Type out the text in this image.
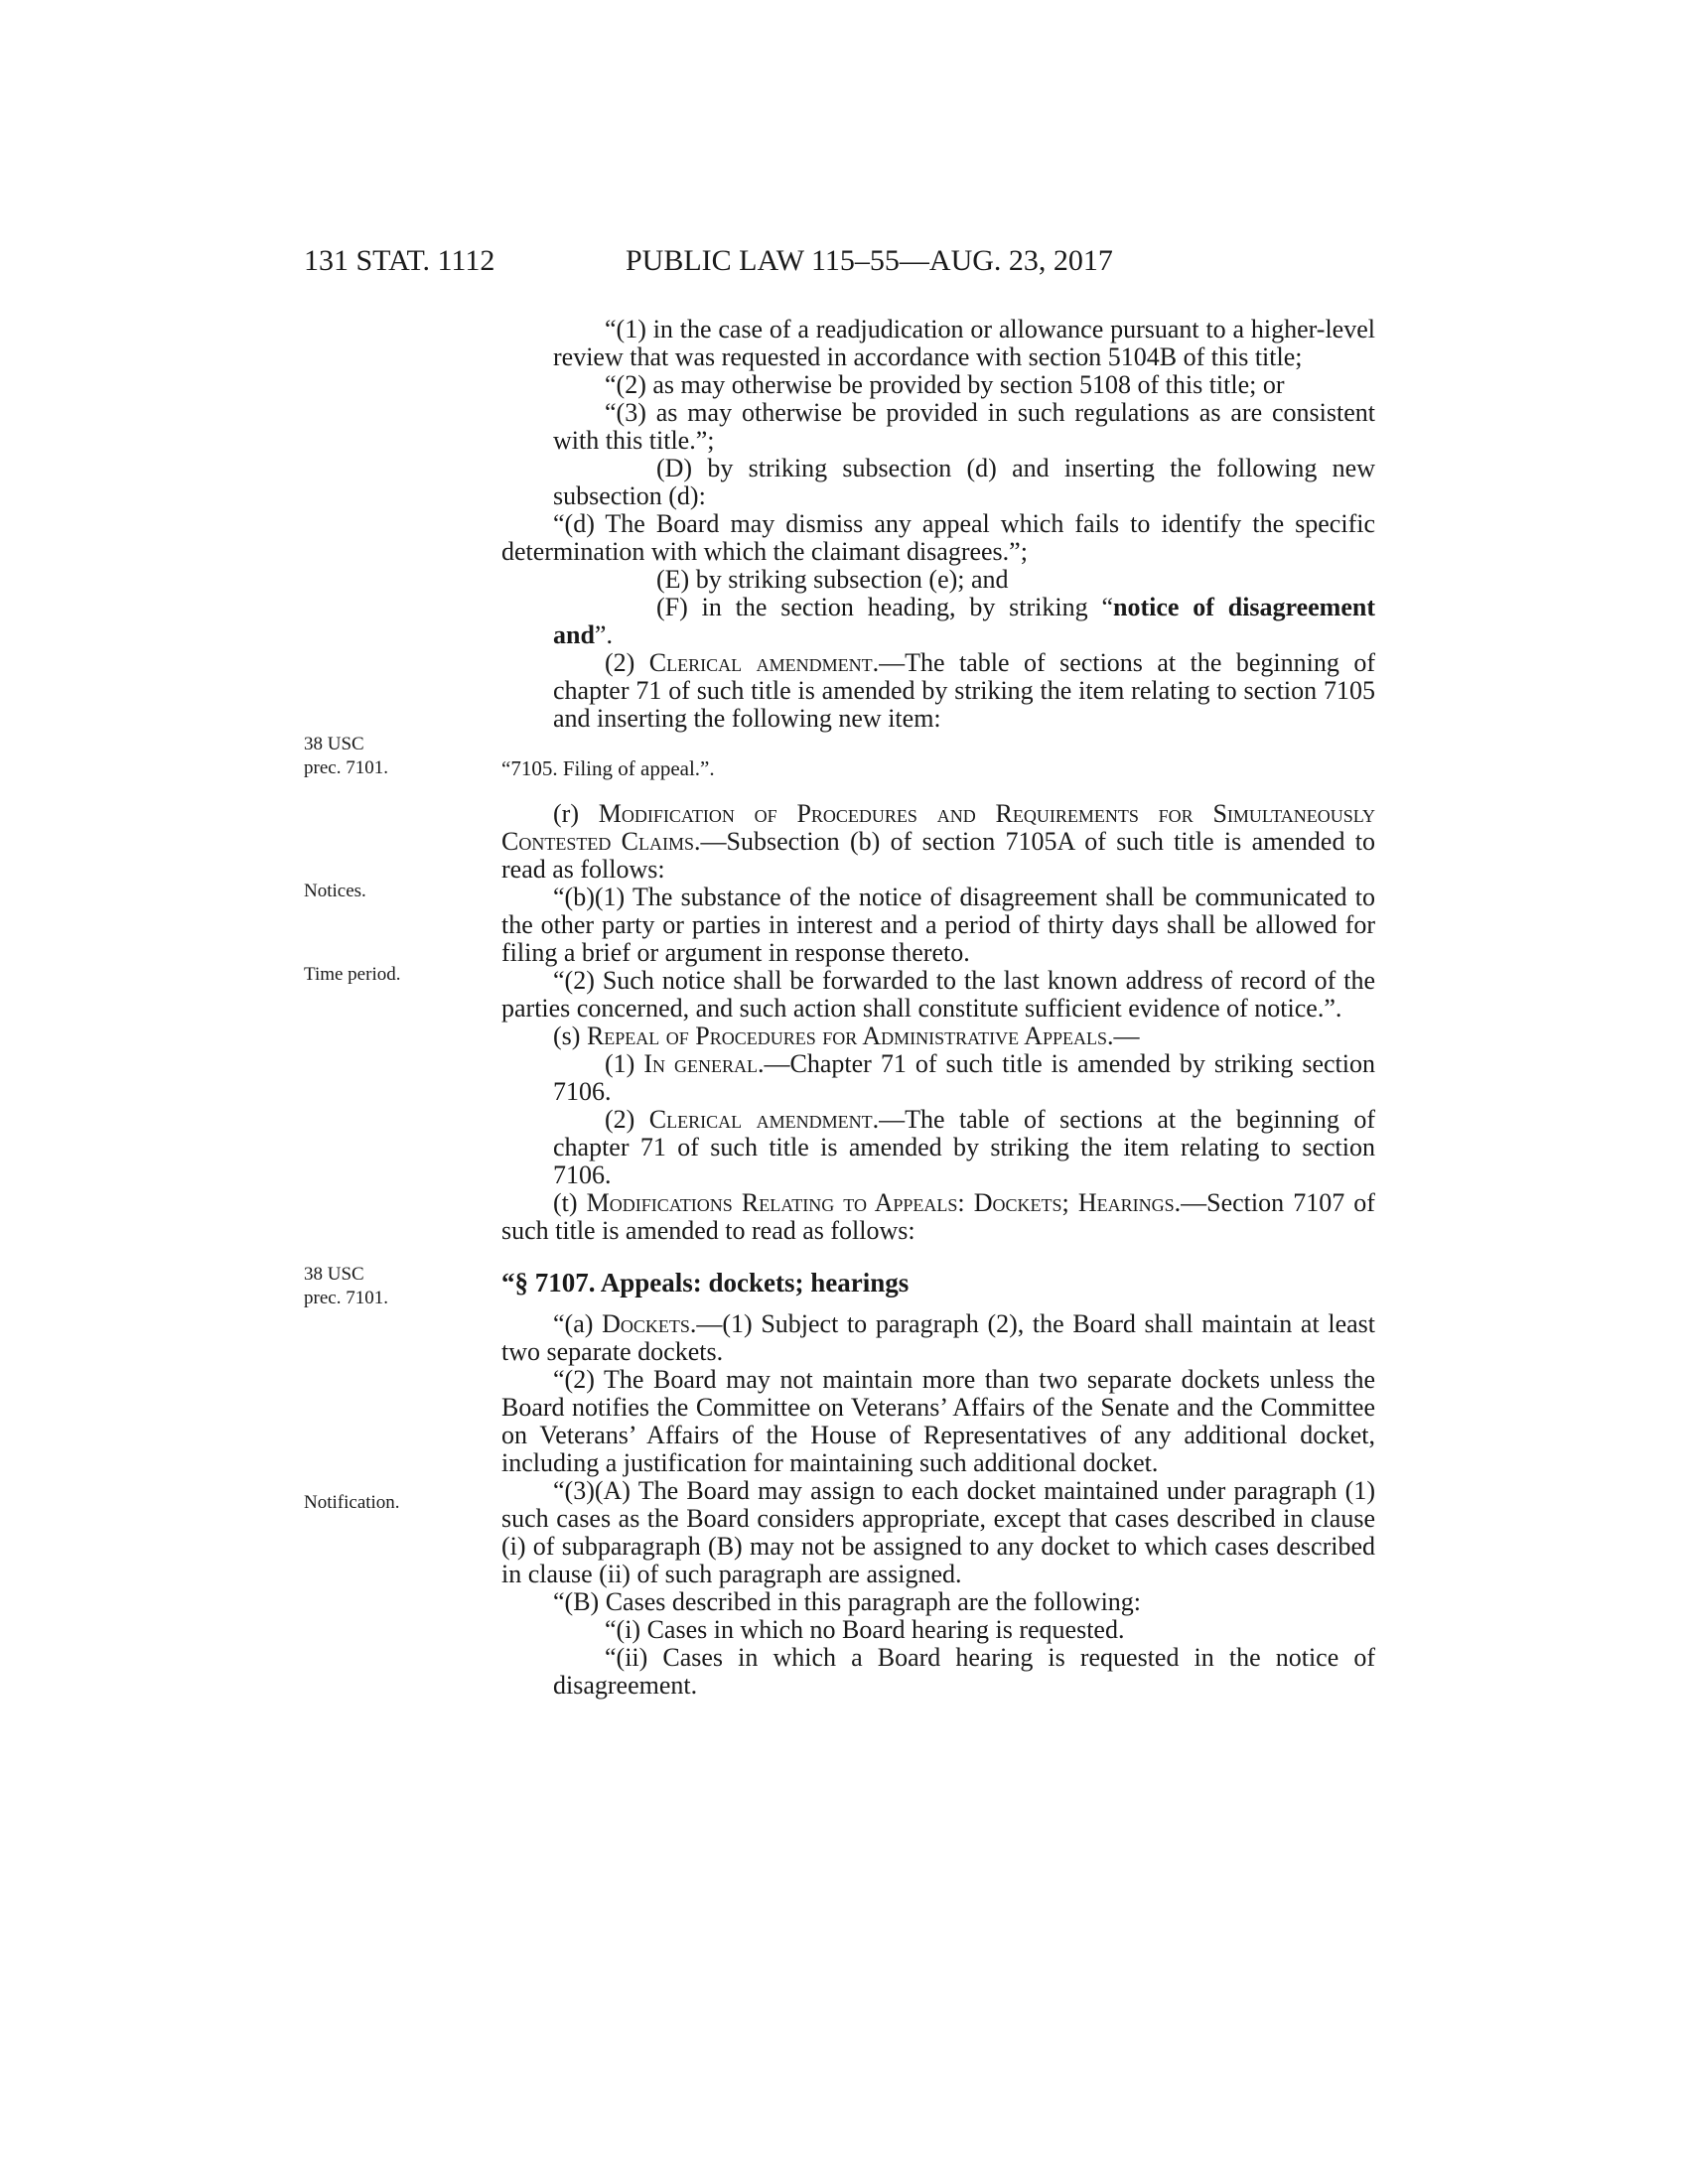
131 STAT. 1112	PUBLIC LAW 115–55—AUG. 23, 2017
38 USC
prec. 7101.
Notices.
Time period.
38 USC
prec. 7101.
Notification.

“(1) in the case of a readjudication or allowance pursuant to a higher-level review that was requested in accordance with section 5104B of this title;

“(2) as may otherwise be provided by section 5108 of this title; or

“(3) as may otherwise be provided in such regulations as are consistent with this title.”;

(D) by striking subsection (d) and inserting the following new subsection (d):

“(d) The Board may dismiss any appeal which fails to identify the specific determination with which the claimant disagrees.”;

(E) by striking subsection (e); and

(F) in the section heading, by striking “notice of disagreement and”.

(2) Clerical amendment.—The table of sections at the beginning of chapter 71 of such title is amended by striking the item relating to section 7105 and inserting the following new item:

“7105. Filing of appeal.”.

(r) Modification of Procedures and Requirements for Simultaneously Contested Claims.—Subsection (b) of section 7105A of such title is amended to read as follows:

“(b)(1) The substance of the notice of disagreement shall be communicated to the other party or parties in interest and a period of thirty days shall be allowed for filing a brief or argument in response thereto.

“(2) Such notice shall be forwarded to the last known address of record of the parties concerned, and such action shall constitute sufficient evidence of notice.”.

(s) Repeal of Procedures for Administrative Appeals.—

(1) In general.—Chapter 71 of such title is amended by striking section 7106.

(2) Clerical amendment.—The table of sections at the beginning of chapter 71 of such title is amended by striking the item relating to section 7106.

(t) Modifications Relating to Appeals: Dockets; Hearings.—Section 7107 of such title is amended to read as follows:

“§ 7107. Appeals: dockets; hearings

“(a) Dockets.—(1) Subject to paragraph (2), the Board shall maintain at least two separate dockets.

“(2) The Board may not maintain more than two separate dockets unless the Board notifies the Committee on Veterans’ Affairs of the Senate and the Committee on Veterans’ Affairs of the House of Representatives of any additional docket, including a justification for maintaining such additional docket.

“(3)(A) The Board may assign to each docket maintained under paragraph (1) such cases as the Board considers appropriate, except that cases described in clause (i) of subparagraph (B) may not be assigned to any docket to which cases described in clause (ii) of such paragraph are assigned.

“(B) Cases described in this paragraph are the following:

“(i) Cases in which no Board hearing is requested.

“(ii) Cases in which a Board hearing is requested in the notice of disagreement.
